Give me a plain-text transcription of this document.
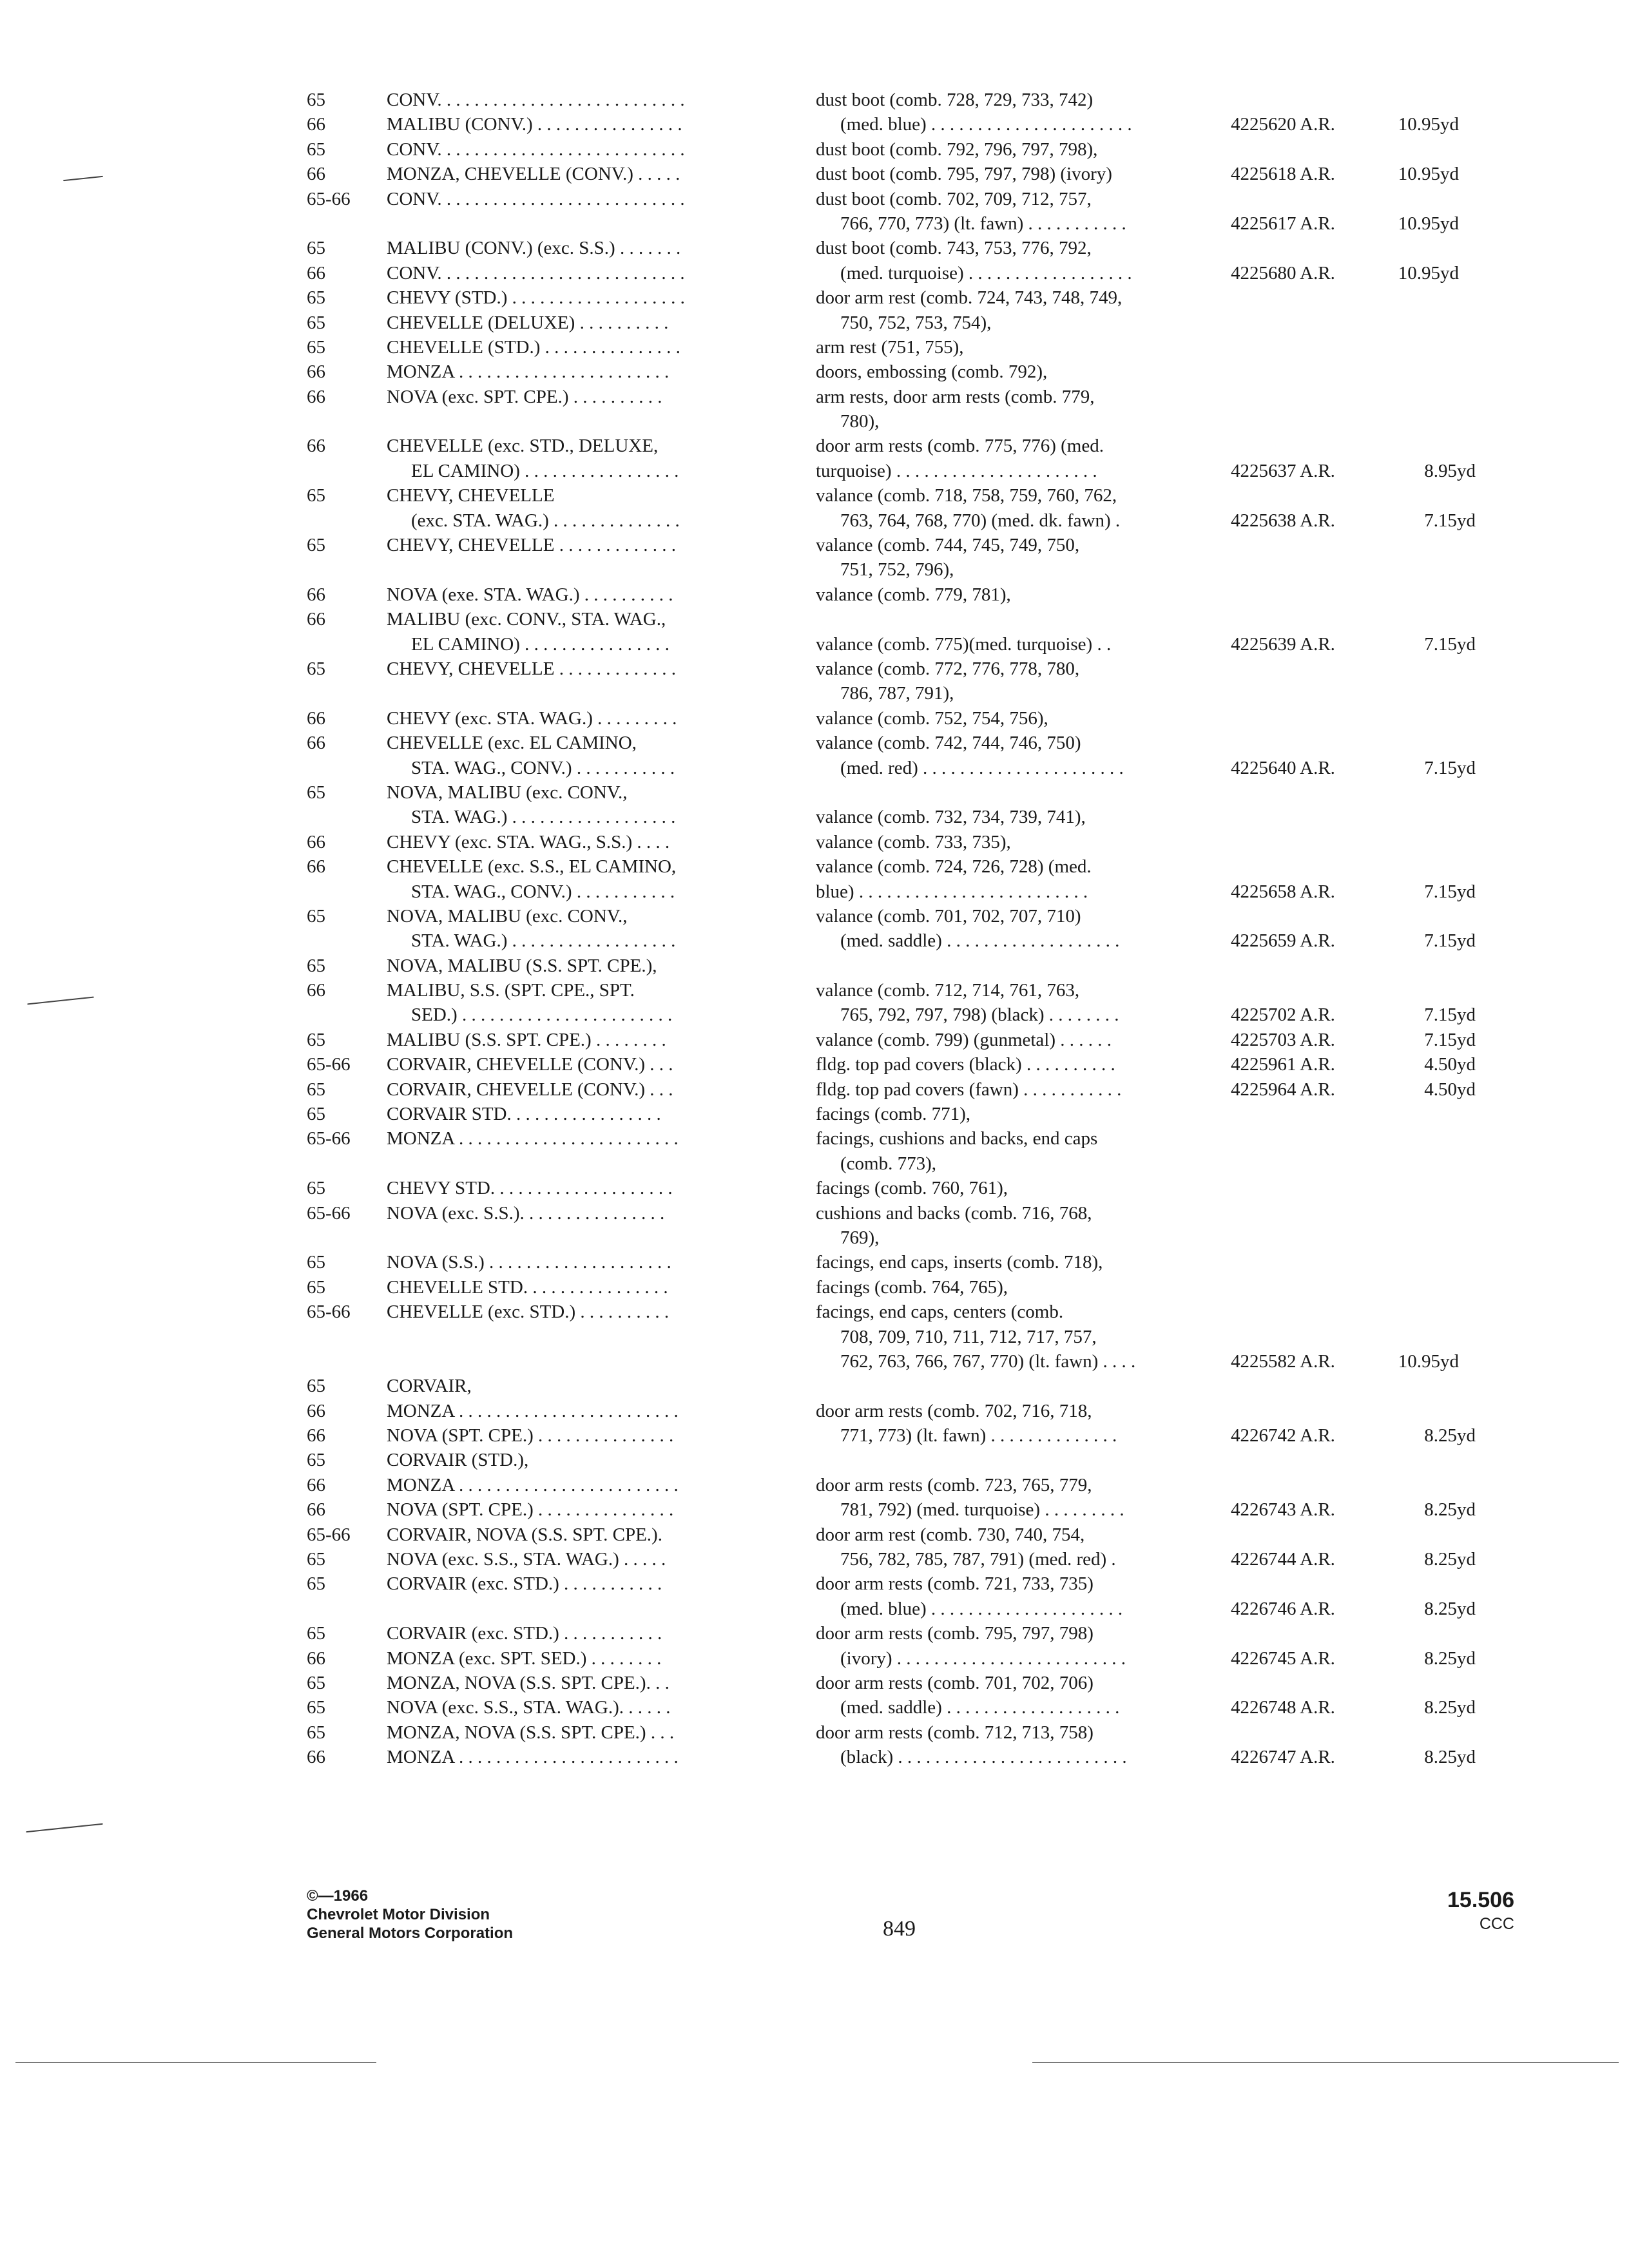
65	CONV. . . . . . . . . . . . . . . . . . . . . . . . . . .	dust boot (comb. 728, 729, 733, 742)
66	MALIBU (CONV.) . . . . . . . . . . . . . . . .	(med. blue) . . . . . . . . . . . . . . . . . . . . . .	4225620 A.R.	10.95yd
65	CONV. . . . . . . . . . . . . . . . . . . . . . . . . . .	dust boot (comb. 792, 796, 797, 798),
66	MONZA, CHEVELLE (CONV.) . . . . .	dust boot (comb. 795, 797, 798) (ivory)	4225618 A.R.	10.95yd
65-66	CONV. . . . . . . . . . . . . . . . . . . . . . . . . . .	dust boot (comb. 702, 709, 712, 757,
766, 770, 773) (lt. fawn) . . . . . . . . . . .	4225617 A.R.	10.95yd
65	MALIBU (CONV.) (exc. S.S.) . . . . . . .	dust boot (comb. 743, 753, 776, 792,
66	CONV. . . . . . . . . . . . . . . . . . . . . . . . . . .	(med. turquoise) . . . . . . . . . . . . . . . . . .	4225680 A.R.	10.95yd
65	CHEVY (STD.) . . . . . . . . . . . . . . . . . . .	door arm rest (comb. 724, 743, 748, 749,
65	CHEVELLE (DELUXE) . . . . . . . . . .	750, 752, 753, 754),
65	CHEVELLE (STD.) . . . . . . . . . . . . . . .	arm rest (751, 755),
66	MONZA . . . . . . . . . . . . . . . . . . . . . . .	doors, embossing (comb. 792),
66	NOVA (exc. SPT. CPE.) . . . . . . . . . .	arm rests, door arm rests (comb. 779,
780),
66	CHEVELLE (exc. STD., DELUXE,	door arm rests (comb. 775, 776) (med.
EL CAMINO) . . . . . . . . . . . . . . . . .	turquoise) . . . . . . . . . . . . . . . . . . . . . .	4225637 A.R.	8.95yd
65	CHEVY, CHEVELLE	valance (comb. 718, 758, 759, 760, 762,
(exc. STA. WAG.) . . . . . . . . . . . . . .	763, 764, 768, 770) (med. dk. fawn) .	4225638 A.R.	7.15yd
65	CHEVY, CHEVELLE . . . . . . . . . . . . .	valance (comb. 744, 745, 749, 750,
751, 752, 796),
66	NOVA (exe. STA. WAG.) . . . . . . . . . .	valance (comb. 779, 781),
66	MALIBU (exc. CONV., STA. WAG.,
EL CAMINO) . . . . . . . . . . . . . . . .	valance (comb. 775)(med. turquoise) . .	4225639 A.R.	7.15yd
65	CHEVY, CHEVELLE . . . . . . . . . . . . .	valance (comb. 772, 776, 778, 780,
786, 787, 791),
66	CHEVY (exc. STA. WAG.) . . . . . . . . .	valance (comb. 752, 754, 756),
66	CHEVELLE (exc. EL CAMINO,	valance (comb. 742, 744, 746, 750)
STA. WAG., CONV.) . . . . . . . . . . .	(med. red) . . . . . . . . . . . . . . . . . . . . . .	4225640 A.R.	7.15yd
65	NOVA, MALIBU (exc. CONV.,
STA. WAG.) . . . . . . . . . . . . . . . . . .	valance (comb. 732, 734, 739, 741),
66	CHEVY (exc. STA. WAG., S.S.) . . . .	valance (comb. 733, 735),
66	CHEVELLE (exc. S.S., EL CAMINO,	valance (comb. 724, 726, 728) (med.
STA. WAG., CONV.) . . . . . . . . . . .	blue) . . . . . . . . . . . . . . . . . . . . . . . . .	4225658 A.R.	7.15yd
65	NOVA, MALIBU (exc. CONV.,	valance (comb. 701, 702, 707, 710)
STA. WAG.) . . . . . . . . . . . . . . . . . .	(med. saddle) . . . . . . . . . . . . . . . . . . .	4225659 A.R.	7.15yd
65	NOVA, MALIBU (S.S. SPT. CPE.),
66	MALIBU, S.S. (SPT. CPE., SPT.	valance (comb. 712, 714, 761, 763,
SED.) . . . . . . . . . . . . . . . . . . . . . . .	765, 792, 797, 798) (black) . . . . . . . .	4225702 A.R.	7.15yd
65	MALIBU (S.S. SPT. CPE.) . . . . . . . .	valance (comb. 799) (gunmetal) . . . . . .	4225703 A.R.	7.15yd
65-66	CORVAIR, CHEVELLE (CONV.) . . .	fldg. top pad covers (black) . . . . . . . . . .	4225961 A.R.	4.50yd
65	CORVAIR, CHEVELLE (CONV.) . . .	fldg. top pad covers (fawn) . . . . . . . . . . .	4225964 A.R.	4.50yd
65	CORVAIR STD. . . . . . . . . . . . . . . . .	facings (comb. 771),
65-66	MONZA . . . . . . . . . . . . . . . . . . . . . . . .	facings, cushions and backs, end caps
(comb. 773),
65	CHEVY STD. . . . . . . . . . . . . . . . . . . .	facings (comb. 760, 761),
65-66	NOVA (exc. S.S.). . . . . . . . . . . . . . . .	cushions and backs (comb. 716, 768,
769),
65	NOVA (S.S.) . . . . . . . . . . . . . . . . . . . .	facings, end caps, inserts (comb. 718),
65	CHEVELLE STD. . . . . . . . . . . . . . . .	facings (comb. 764, 765),
65-66	CHEVELLE (exc. STD.) . . . . . . . . . .	facings, end caps, centers (comb.
708, 709, 710, 711, 712, 717, 757,
762, 763, 766, 767, 770) (lt. fawn) . . . .	4225582 A.R.	10.95yd
65	CORVAIR,
66	MONZA . . . . . . . . . . . . . . . . . . . . . . . .	door arm rests (comb. 702, 716, 718,
66	NOVA (SPT. CPE.) . . . . . . . . . . . . . . .	771, 773) (lt. fawn) . . . . . . . . . . . . . .	4226742 A.R.	8.25yd
65	CORVAIR (STD.),
66	MONZA . . . . . . . . . . . . . . . . . . . . . . . .	door arm rests (comb. 723, 765, 779,
66	NOVA (SPT. CPE.) . . . . . . . . . . . . . . .	781, 792) (med. turquoise) . . . . . . . . .	4226743 A.R.	8.25yd
65-66	CORVAIR, NOVA (S.S. SPT. CPE.).	door arm rest (comb. 730, 740, 754,
65	NOVA (exc. S.S., STA. WAG.) . . . . .	756, 782, 785, 787, 791) (med. red) .	4226744 A.R.	8.25yd
65	CORVAIR (exc. STD.) . . . . . . . . . . .	door arm rests (comb. 721, 733, 735)
(med. blue) . . . . . . . . . . . . . . . . . . . . .	4226746 A.R.	8.25yd
65	CORVAIR (exc. STD.) . . . . . . . . . . .	door arm rests (comb. 795, 797, 798)
66	MONZA (exc. SPT. SED.) . . . . . . . .	(ivory) . . . . . . . . . . . . . . . . . . . . . . . . .	4226745 A.R.	8.25yd
65	MONZA, NOVA (S.S. SPT. CPE.). . .	door arm rests (comb. 701, 702, 706)
65	NOVA (exc. S.S., STA. WAG.). . . . . .	(med. saddle) . . . . . . . . . . . . . . . . . . .	4226748 A.R.	8.25yd
65	MONZA, NOVA (S.S. SPT. CPE.) . . .	door arm rests (comb. 712, 713, 758)
66	MONZA . . . . . . . . . . . . . . . . . . . . . . . .	(black) . . . . . . . . . . . . . . . . . . . . . . . . .	4226747 A.R.	8.25yd
©—1966
Chevrolet Motor Division
General Motors Corporation	849
15.506
CCC
